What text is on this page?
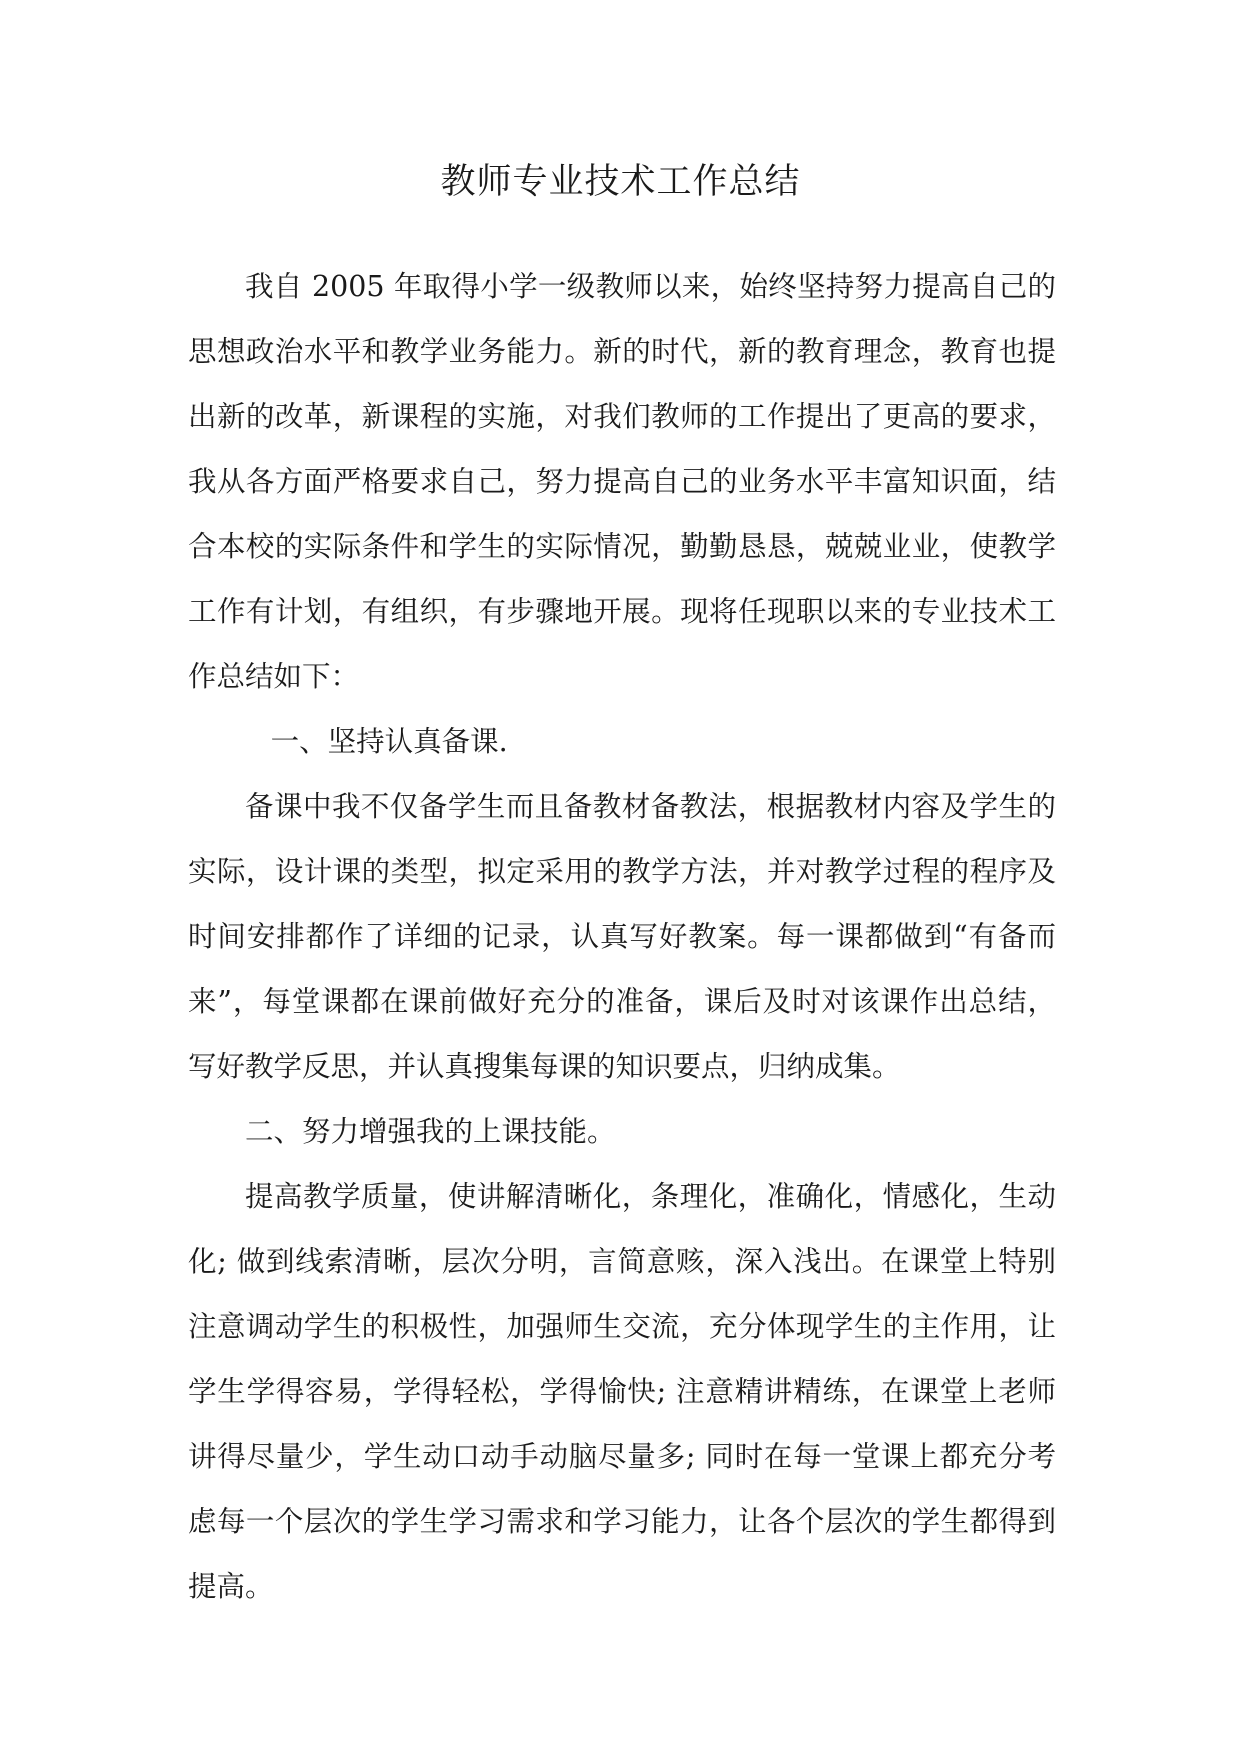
教师专业技术工作总结

我自 2005 年取得小学一级教师以来，始终坚持努力提高自己的思想政治水平和教学业务能力。新的时代，新的教育理念，教育也提出新的改革，新课程的实施，对我们教师的工作提出了更高的要求，我从各方面严格要求自己，努力提高自己的业务水平丰富知识面，结合本校的实际条件和学生的实际情况，勤勤恳恳，兢兢业业，使教学工作有计划，有组织，有步骤地开展。现将任现职以来的专业技术工作总结如下：

一、坚持认真备课.

备课中我不仅备学生而且备教材备教法，根据教材内容及学生的实际，设计课的类型，拟定采用的教学方法，并对教学过程的程序及时间安排都作了详细的记录，认真写好教案。每一课都做到“有备而来”，每堂课都在课前做好充分的准备，课后及时对该课作出总结，写好教学反思，并认真搜集每课的知识要点，归纳成集。

二、努力增强我的上课技能。

提高教学质量，使讲解清晰化，条理化，准确化，情感化，生动化; 做到线索清晰，层次分明，言简意赅，深入浅出。在课堂上特别注意调动学生的积极性，加强师生交流，充分体现学生的主作用，让学生学得容易，学得轻松，学得愉快; 注意精讲精练，在课堂上老师讲得尽量少，学生动口动手动脑尽量多; 同时在每一堂课上都充分考虑每一个层次的学生学习需求和学习能力，让各个层次的学生都得到提高。
